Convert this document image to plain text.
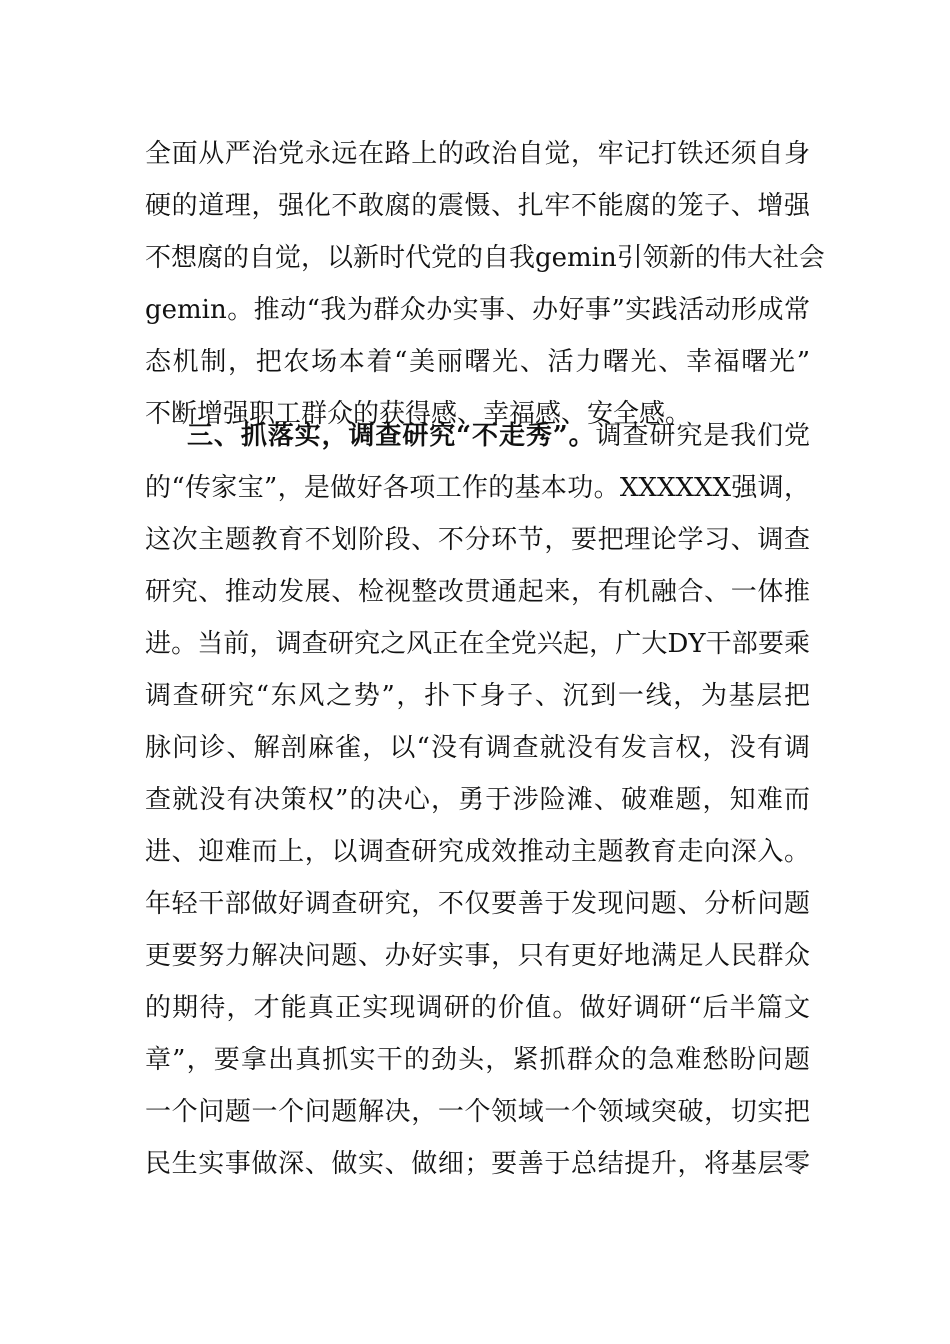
全面从严治党永远在路上的政治自觉，牢记打铁还须自身
硬的道理，强化不敢腐的震慑、扎牢不能腐的笼子、增强
不想腐的自觉，以新时代党的自我gemin引领新的伟大社会
gemin。推动“我为群众办实事、办好事”实践活动形成常
态机制，把农场本着“美丽曙光、活力曙光、幸福曙光”
不断增强职工群众的获得感、幸福感、安全感。
三、抓落实，调查研究“不走秀”。调查研究是我们党
的“传家宝”，是做好各项工作的基本功。XXXXXX强调，
这次主题教育不划阶段、不分环节，要把理论学习、调查
研究、推动发展、检视整改贯通起来，有机融合、一体推
进。当前，调查研究之风正在全党兴起，广大DY干部要乘
调查研究“东风之势”，扑下身子、沉到一线，为基层把
脉问诊、解剖麻雀，以“没有调查就没有发言权，没有调
查就没有决策权”的决心，勇于涉险滩、破难题，知难而
进、迎难而上，以调查研究成效推动主题教育走向深入。
年轻干部做好调查研究，不仅要善于发现问题、分析问题
更要努力解决问题、办好实事，只有更好地满足人民群众
的期待，才能真正实现调研的价值。做好调研“后半篇文
章”，要拿出真抓实干的劲头，紧抓群众的急难愁盼问题
一个问题一个问题解决，一个领域一个领域突破，切实把
民生实事做深、做实、做细；要善于总结提升，将基层零
